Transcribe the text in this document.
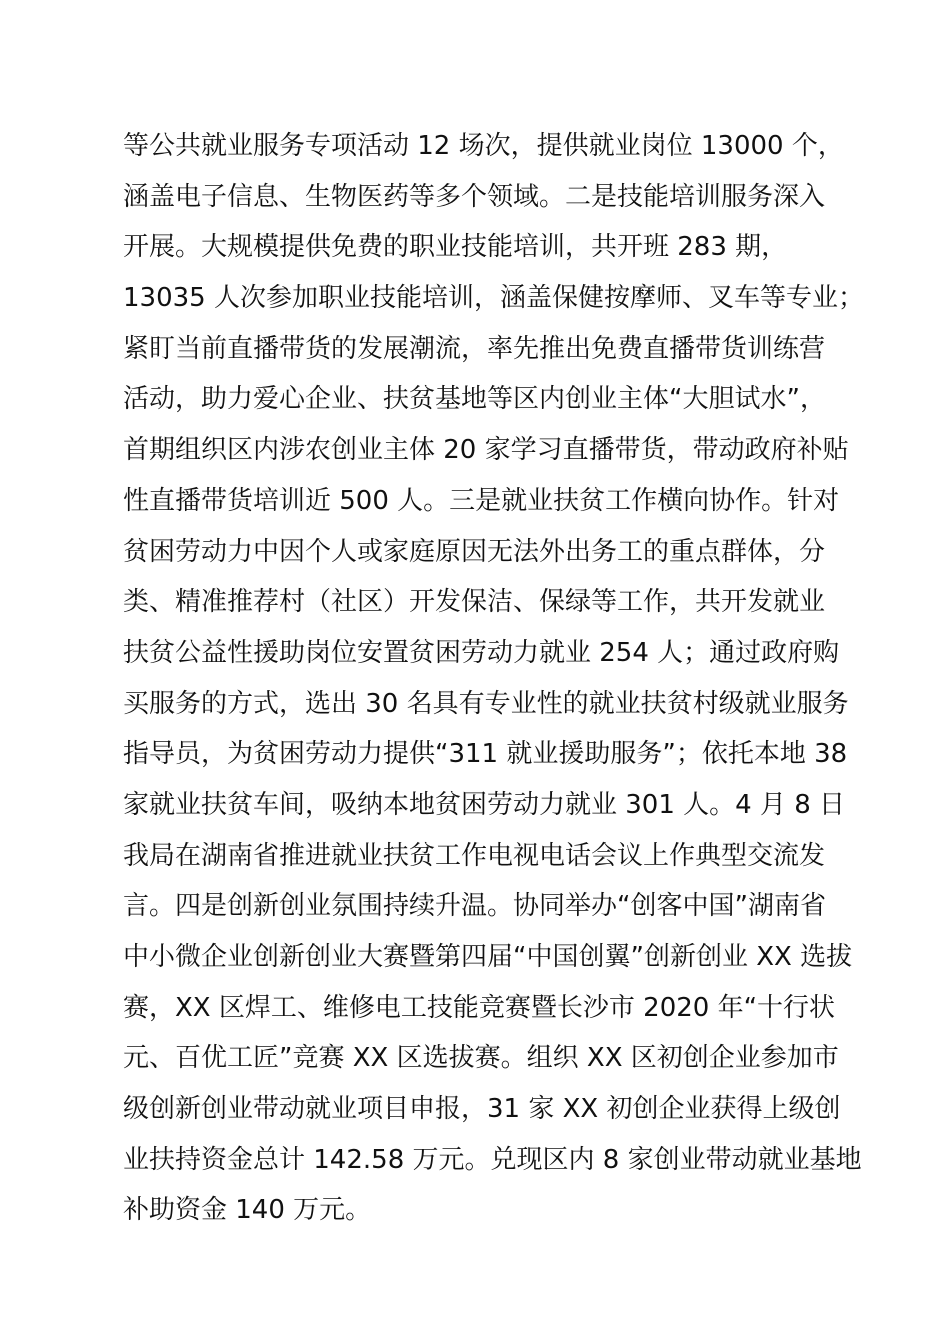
等公共就业服务专项活动 12 场次，提供就业岗位 13000 个，
涵盖电子信息、生物医药等多个领域。二是技能培训服务深入
开展。大规模提供免费的职业技能培训，共开班 283 期，
13035 人次参加职业技能培训，涵盖保健按摩师、叉车等专业；
紧盯当前直播带货的发展潮流，率先推出免费直播带货训练营
活动，助力爱心企业、扶贫基地等区内创业主体“大胆试水”，
首期组织区内涉农创业主体 20 家学习直播带货，带动政府补贴
性直播带货培训近 500 人。三是就业扶贫工作横向协作。针对
贫困劳动力中因个人或家庭原因无法外出务工的重点群体，分
类、精准推荐村（社区）开发保洁、保绿等工作，共开发就业
扶贫公益性援助岗位安置贫困劳动力就业 254 人；通过政府购
买服务的方式，选出 30 名具有专业性的就业扶贫村级就业服务
指导员，为贫困劳动力提供“311 就业援助服务”；依托本地 38
家就业扶贫车间，吸纳本地贫困劳动力就业 301 人。4 月 8 日
我局在湖南省推进就业扶贫工作电视电话会议上作典型交流发
言。四是创新创业氛围持续升温。协同举办“创客中国”湖南省
中小微企业创新创业大赛暨第四届“中国创翼”创新创业 XX 选拔
赛，XX 区焊工、维修电工技能竞赛暨长沙市 2020 年“十行状
元、百优工匠”竞赛 XX 区选拔赛。组织 XX 区初创企业参加市
级创新创业带动就业项目申报，31 家 XX 初创企业获得上级创
业扶持资金总计 142.58 万元。兑现区内 8 家创业带动就业基地
补助资金 140 万元。
